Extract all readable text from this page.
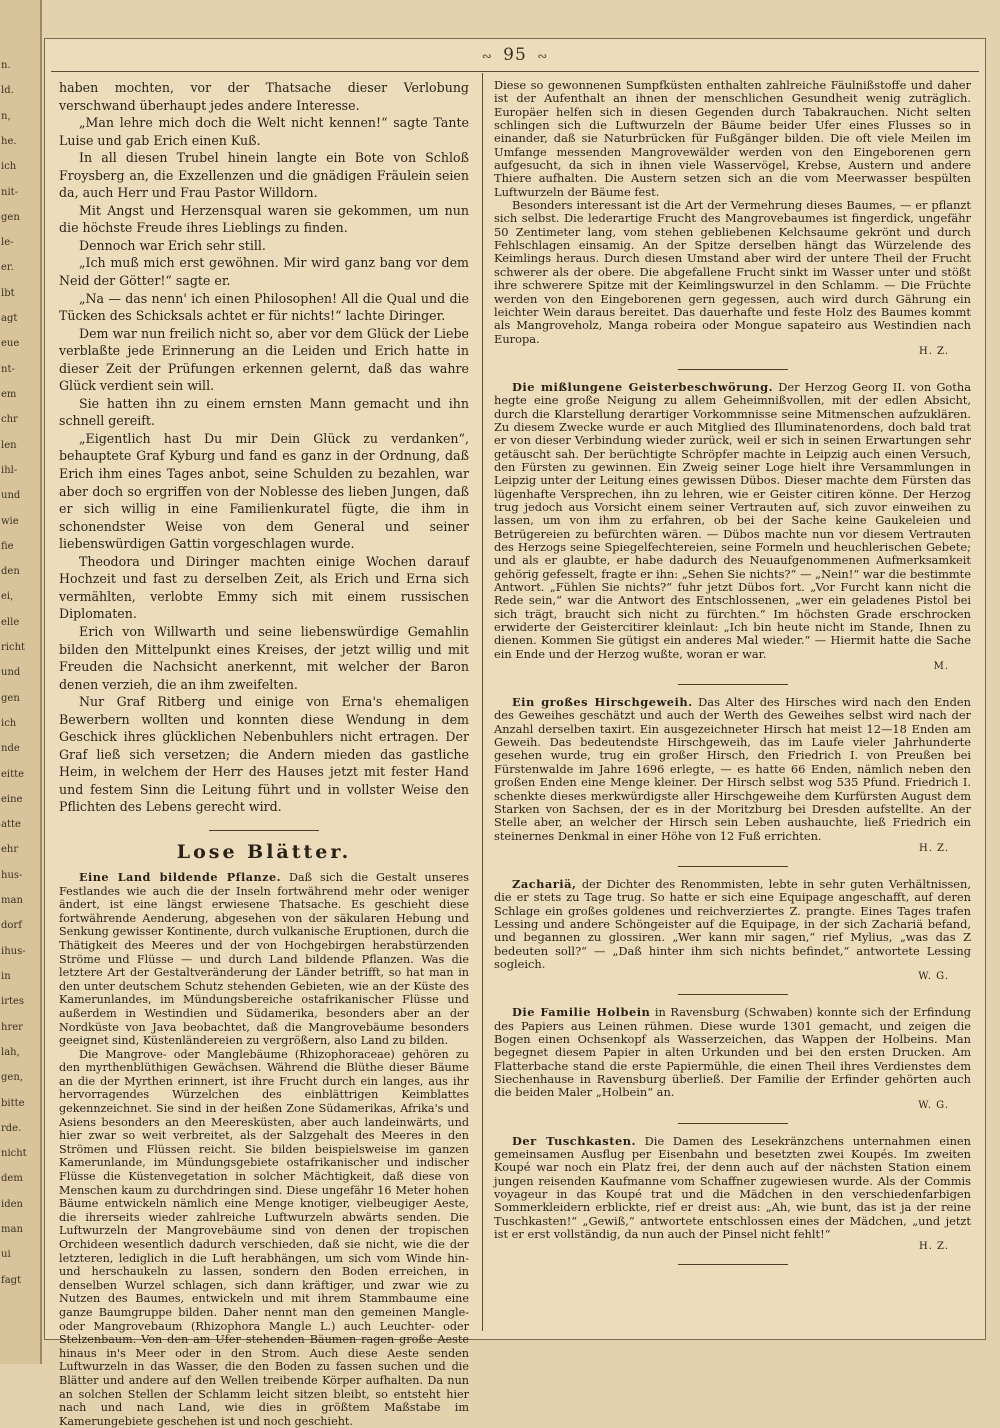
n.
ld.
n,
he.
ich
nit-
gen
le-
er.
lbt
agt
eue
nt-
em
chr
len
ihl-
und
wie
fie
den
ei,
elle
richt
und
gen
ich
nde
eitte
eine
atte
ehr
hus-
man
dorf
ihus-
in
irtes
hrer
lah,
gen,
bitte
rde.
nicht
dem
iden
man
ui
fagt
∾ 95 ∾

haben mochten, vor der Thatsache dieser Verlobung verschwand überhaupt jedes andere Interesse.

„Man lehre mich doch die Welt nicht kennen!“ sagte Tante Luise und gab Erich einen Kuß.

In all diesen Trubel hinein langte ein Bote von Schloß Froysberg an, die Exzellenzen und die gnädigen Fräulein seien da, auch Herr und Frau Pastor Willdorn.

Mit Angst und Herzensqual waren sie gekommen, um nun die höchste Freude ihres Lieblings zu finden.

Dennoch war Erich sehr still.

„Ich muß mich erst gewöhnen. Mir wird ganz bang vor dem Neid der Götter!“ sagte er.

„Na — das nenn' ich einen Philosophen! All die Qual und die Tücken des Schicksals achtet er für nichts!“ lachte Diringer.

Dem war nun freilich nicht so, aber vor dem Glück der Liebe verblaßte jede Erinnerung an die Leiden und Erich hatte in dieser Zeit der Prüfungen erkennen gelernt, daß das wahre Glück verdient sein will.

Sie hatten ihn zu einem ernsten Mann gemacht und ihn schnell gereift.

„Eigentlich hast Du mir Dein Glück zu verdanken“, behauptete Graf Kyburg und fand es ganz in der Ordnung, daß Erich ihm eines Tages anbot, seine Schulden zu bezahlen, war aber doch so ergriffen von der Noblesse des lieben Jungen, daß er sich willig in eine Familienkuratel fügte, die ihm in schonendster Weise von dem General und seiner liebenswürdigen Gattin vorgeschlagen wurde.

Theodora und Diringer machten einige Wochen darauf Hochzeit und fast zu derselben Zeit, als Erich und Erna sich vermählten, verlobte Emmy sich mit einem russischen Diplomaten.

Erich von Willwarth und seine liebenswürdige Gemahlin bilden den Mittelpunkt eines Kreises, der jetzt willig und mit Freuden die Nachsicht anerkennt, mit welcher der Baron denen verzieh, die an ihm zweifelten.

Nur Graf Ritberg und einige von Erna's ehemaligen Bewerbern wollten und konnten diese Wendung in dem Geschick ihres glücklichen Nebenbuhlers nicht ertragen. Der Graf ließ sich versetzen; die Andern mieden das gastliche Heim, in welchem der Herr des Hauses jetzt mit fester Hand und festem Sinn die Leitung führt und in vollster Weise den Pflichten des Lebens gerecht wird.

Lose Blätter.

Eine Land bildende Pflanze. Daß sich die Gestalt unseres Festlandes wie auch die der Inseln fortwährend mehr oder weniger ändert, ist eine längst erwiesene Thatsache. Es geschieht diese fortwährende Aenderung, abgesehen von der säkularen Hebung und Senkung gewisser Kontinente, durch vulkanische Eruptionen, durch die Thätigkeit des Meeres und der von Hochgebirgen herabstürzenden Ströme und Flüsse — und durch Land bildende Pflanzen. Was die letztere Art der Gestaltveränderung der Länder betrifft, so hat man in den unter deutschem Schutz stehenden Gebieten, wie an der Küste des Kamerunlandes, im Mündungsbereiche ostafrikanischer Flüsse und außerdem in Westindien und Südamerika, besonders aber an der Nordküste von Java beobachtet, daß die Mangrovebäume besonders geeignet sind, Küstenländereien zu vergrößern, also Land zu bilden.

Die Mangrove- oder Manglebäume (Rhizophoraceae) gehören zu den myrthenblüthigen Gewächsen. Während die Blüthe dieser Bäume an die der Myrthen erinnert, ist ihre Frucht durch ein langes, aus ihr hervorragendes Würzelchen des einblättrigen Keimblattes gekennzeichnet. Sie sind in der heißen Zone Südamerikas, Afrika's und Asiens besonders an den Meeresküsten, aber auch landeinwärts, und hier zwar so weit verbreitet, als der Salzgehalt des Meeres in den Strömen und Flüssen reicht. Sie bilden beispielsweise im ganzen Kamerunlande, im Mündungsgebiete ostafrikanischer und indischer Flüsse die Küstenvegetation in solcher Mächtigkeit, daß diese von Menschen kaum zu durchdringen sind. Diese ungefähr 16 Meter hohen Bäume entwickeln nämlich eine Menge knotiger, vielbeugiger Aeste, die ihrerseits wieder zahlreiche Luftwurzeln abwärts senden. Die Luftwurzeln der Mangrovebäume sind von denen der tropischen Orchideen wesentlich dadurch verschieden, daß sie nicht, wie die der letzteren, lediglich in die Luft herabhängen, um sich vom Winde hin- und herschaukeln zu lassen, sondern den Boden erreichen, in denselben Wurzel schlagen, sich dann kräftiger, und zwar wie zu Nutzen des Baumes, entwickeln und mit ihrem Stammbaume eine ganze Baumgruppe bilden. Daher nennt man den gemeinen Mangle- oder Mangrovebaum (Rhizophora Mangle L.) auch Leuchter- oder Stelzenbaum. Von den am Ufer stehenden Bäumen ragen große Aeste hinaus in's Meer oder in den Strom. Auch diese Aeste senden Luftwurzeln in das Wasser, die den Boden zu fassen suchen und die Blätter und andere auf den Wellen treibende Körper aufhalten. Da nun an solchen Stellen der Schlamm leicht sitzen bleibt, so entsteht hier nach und nach Land, wie dies in größtem Maßstabe im Kamerungebiete geschehen ist und noch geschieht.

Diese so gewonnenen Sumpfküsten enthalten zahlreiche Fäulnißstoffe und daher ist der Aufenthalt an ihnen der menschlichen Gesundheit wenig zuträglich. Europäer helfen sich in diesen Gegenden durch Tabakrauchen. Nicht selten schlingen sich die Luftwurzeln der Bäume beider Ufer eines Flusses so in einander, daß sie Naturbrücken für Fußgänger bilden. Die oft viele Meilen im Umfange messenden Mangrovewälder werden von den Eingeborenen gern aufgesucht, da sich in ihnen viele Wasservögel, Krebse, Austern und andere Thiere aufhalten. Die Austern setzen sich an die vom Meerwasser bespülten Luftwurzeln der Bäume fest.

Besonders interessant ist die Art der Vermehrung dieses Baumes, — er pflanzt sich selbst. Die lederartige Frucht des Mangrovebaumes ist fingerdick, ungefähr 50 Zentimeter lang, vom stehen gebliebenen Kelchsaume gekrönt und durch Fehlschlagen einsamig. An der Spitze derselben hängt das Würzelende des Keimlings heraus. Durch diesen Umstand aber wird der untere Theil der Frucht schwerer als der obere. Die abgefallene Frucht sinkt im Wasser unter und stößt ihre schwerere Spitze mit der Keimlingswurzel in den Schlamm. — Die Früchte werden von den Eingeborenen gern gegessen, auch wird durch Gährung ein leichter Wein daraus bereitet. Das dauerhafte und feste Holz des Baumes kommt als Mangroveholz, Manga robeira oder Mongue sapateiro aus Westindien nach Europa.

H. Z.

Die mißlungene Geisterbeschwörung. Der Herzog Georg II. von Gotha hegte eine große Neigung zu allem Geheimnißvollen, mit der edlen Absicht, durch die Klarstellung derartiger Vorkommnisse seine Mitmenschen aufzuklären. Zu diesem Zwecke wurde er auch Mitglied des Illuminatenordens, doch bald trat er von dieser Verbindung wieder zurück, weil er sich in seinen Erwartungen sehr getäuscht sah. Der berüchtigte Schröpfer machte in Leipzig auch einen Versuch, den Fürsten zu gewinnen. Ein Zweig seiner Loge hielt ihre Versammlungen in Leipzig unter der Leitung eines gewissen Dübos. Dieser machte dem Fürsten das lügenhafte Versprechen, ihn zu lehren, wie er Geister citiren könne. Der Herzog trug jedoch aus Vorsicht einem seiner Vertrauten auf, sich zuvor einweihen zu lassen, um von ihm zu erfahren, ob bei der Sache keine Gaukeleien und Betrügereien zu befürchten wären. — Dübos machte nun vor diesem Vertrauten des Herzogs seine Spiegelfechtereien, seine Formeln und heuchlerischen Gebete; und als er glaubte, er habe dadurch des Neuaufgenommenen Aufmerksamkeit gehörig gefesselt, fragte er ihn: „Sehen Sie nichts?“ — „Nein!“ war die bestimmte Antwort. „Fühlen Sie nichts?“ fuhr jetzt Dübos fort. „Vor Furcht kann nicht die Rede sein,“ war die Antwort des Entschlossenen, „wer ein geladenes Pistol bei sich trägt, braucht sich nicht zu fürchten.“ Im höchsten Grade erschrocken erwiderte der Geistercitirer kleinlaut: „Ich bin heute nicht im Stande, Ihnen zu dienen. Kommen Sie gütigst ein anderes Mal wieder.“ — Hiermit hatte die Sache ein Ende und der Herzog wußte, woran er war.

M.

Ein großes Hirschgeweih. Das Alter des Hirsches wird nach den Enden des Geweihes geschätzt und auch der Werth des Geweihes selbst wird nach der Anzahl derselben taxirt. Ein ausgezeichneter Hirsch hat meist 12—18 Enden am Geweih. Das bedeutendste Hirschgeweih, das im Laufe vieler Jahrhunderte gesehen wurde, trug ein großer Hirsch, den Friedrich I. von Preußen bei Fürstenwalde im Jahre 1696 erlegte, — es hatte 66 Enden, nämlich neben den großen Enden eine Menge kleiner. Der Hirsch selbst wog 535 Pfund. Friedrich I. schenkte dieses merkwürdigste aller Hirschgeweihe dem Kurfürsten August dem Starken von Sachsen, der es in der Moritzburg bei Dresden aufstellte. An der Stelle aber, an welcher der Hirsch sein Leben aushauchte, ließ Friedrich ein steinernes Denkmal in einer Höhe von 12 Fuß errichten.

H. Z.

Zachariä, der Dichter des Renommisten, lebte in sehr guten Verhältnissen, die er stets zu Tage trug. So hatte er sich eine Equipage angeschafft, auf deren Schlage ein großes goldenes und reichverziertes Z. prangte. Eines Tages trafen Lessing und andere Schöngeister auf die Equipage, in der sich Zachariä befand, und begannen zu glossiren. „Wer kann mir sagen,“ rief Mylius, „was das Z bedeuten soll?“ — „Daß hinter ihm sich nichts befindet,“ antwortete Lessing sogleich.

W. G.

Die Familie Holbein in Ravensburg (Schwaben) konnte sich der Erfindung des Papiers aus Leinen rühmen. Diese wurde 1301 gemacht, und zeigen die Bogen einen Ochsenkopf als Wasserzeichen, das Wappen der Holbeins. Man begegnet diesem Papier in alten Urkunden und bei den ersten Drucken. Am Flatterbache stand die erste Papiermühle, die einen Theil ihres Verdienstes dem Siechenhause in Ravensburg überließ. Der Familie der Erfinder gehörten auch die beiden Maler „Holbein“ an.

W. G.

Der Tuschkasten. Die Damen des Lesekränzchens unternahmen einen gemeinsamen Ausflug per Eisenbahn und besetzten zwei Koupés. Im zweiten Koupé war noch ein Platz frei, der denn auch auf der nächsten Station einem jungen reisenden Kaufmanne vom Schaffner zugewiesen wurde. Als der Commis voyageur in das Koupé trat und die Mädchen in den verschiedenfarbigen Sommerkleidern erblickte, rief er dreist aus: „Ah, wie bunt, das ist ja der reine Tuschkasten!“ „Gewiß,“ antwortete entschlossen eines der Mädchen, „und jetzt ist er erst vollständig, da nun auch der Pinsel nicht fehlt!“

H. Z.
